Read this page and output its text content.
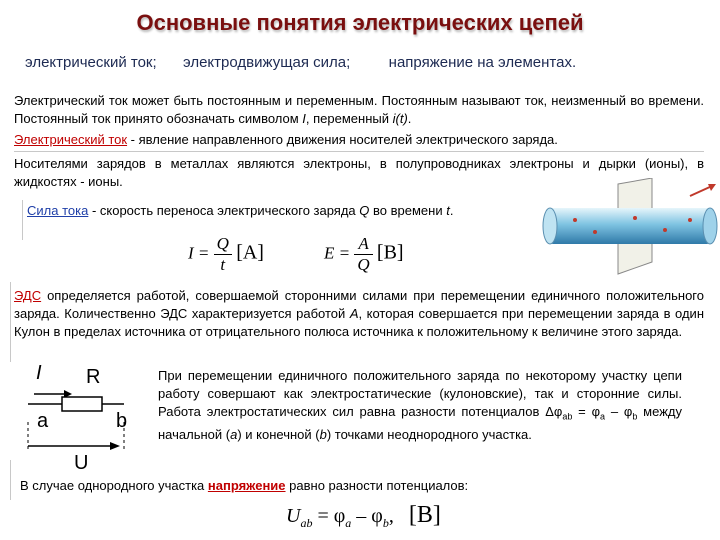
Основные понятия электрических цепей
электрический ток; электродвижущая сила;	напряжение на элементах.
Электрический ток может быть постоянным и переменным. Постоянным называют ток, неизменный во времени. Постоянный ток принято обозначать символом I, переменный i(t).
Электрический ток - явление направленного движения носителей электрического заряда.
Носителями зарядов в металлах являются электроны, в полупроводниках электроны и дырки (ионы), в жидкостях - ионы.
Сила тока - скорость переноса электрического заряда Q во времени t.
$I = \frac{Q}{t} [A]$	$E = \frac{A}{Q} [B]$
ЭДС определяется работой, совершаемой сторонними силами при перемещении единичного положительного заряда. Количественно ЭДС характеризуется работой A, которая совершается при перемещении заряда в один Кулон в пределах источника от отрицательного полюса источника к положительному к величине этого заряда.
I R
a	b
U
При перемещении единичного положительного заряда по некоторому участку цепи работу совершают как электростатические (кулоновские), так и сторонние силы. Работа электростатических сил равна разности потенциалов $\Delta\varphi_{ab} = \varphi_a - \varphi_b$ между начальной (a) и конечной (b) точками неоднородного участка.
В случае однородного участка напряжение равно разности потенциалов:
$U_{ab} = \varphi_a - \varphi_b$, [B]
